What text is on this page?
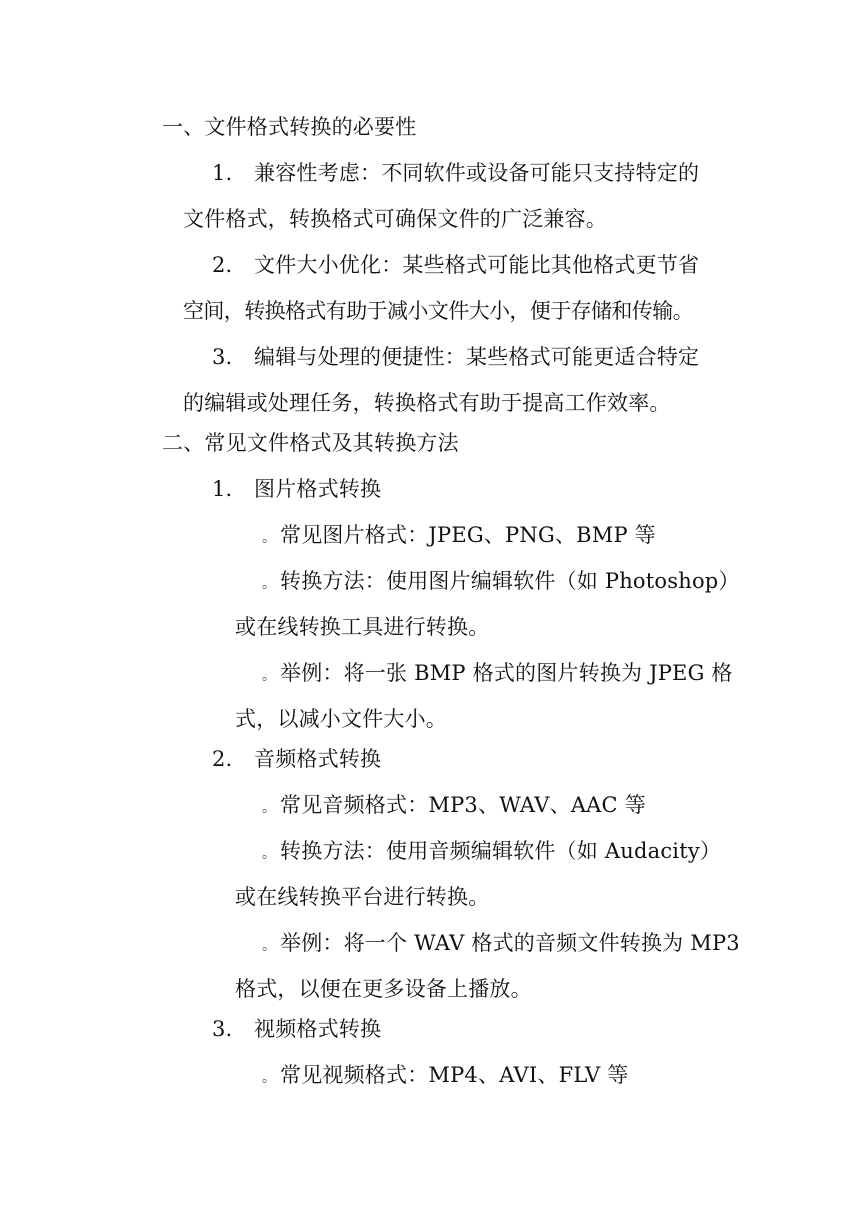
一、文件格式转换的必要性
1. 兼容性考虑：不同软件或设备可能只支持特定的
文件格式，转换格式可确保文件的广泛兼容。
2. 文件大小优化：某些格式可能比其他格式更节省
空间，转换格式有助于减小文件大小，便于存储和传输。
3. 编辑与处理的便捷性：某些格式可能更适合特定
的编辑或处理任务，转换格式有助于提高工作效率。
二、常见文件格式及其转换方法
1. 图片格式转换
。 常见图片格式：JPEG、PNG、BMP 等
。 转换方法：使用图片编辑软件（如 Photoshop）
或在线转换工具进行转换。
。 举例：将一张 BMP 格式的图片转换为 JPEG 格
式，以减小文件大小。
2. 音频格式转换
。 常见音频格式：MP3、WAV、AAC 等
。 转换方法：使用音频编辑软件（如 Audacity）
或在线转换平台进行转换。
。 举例：将一个 WAV 格式的音频文件转换为 MP3
格式，以便在更多设备上播放。
3. 视频格式转换
。 常见视频格式：MP4、AVI、FLV 等
